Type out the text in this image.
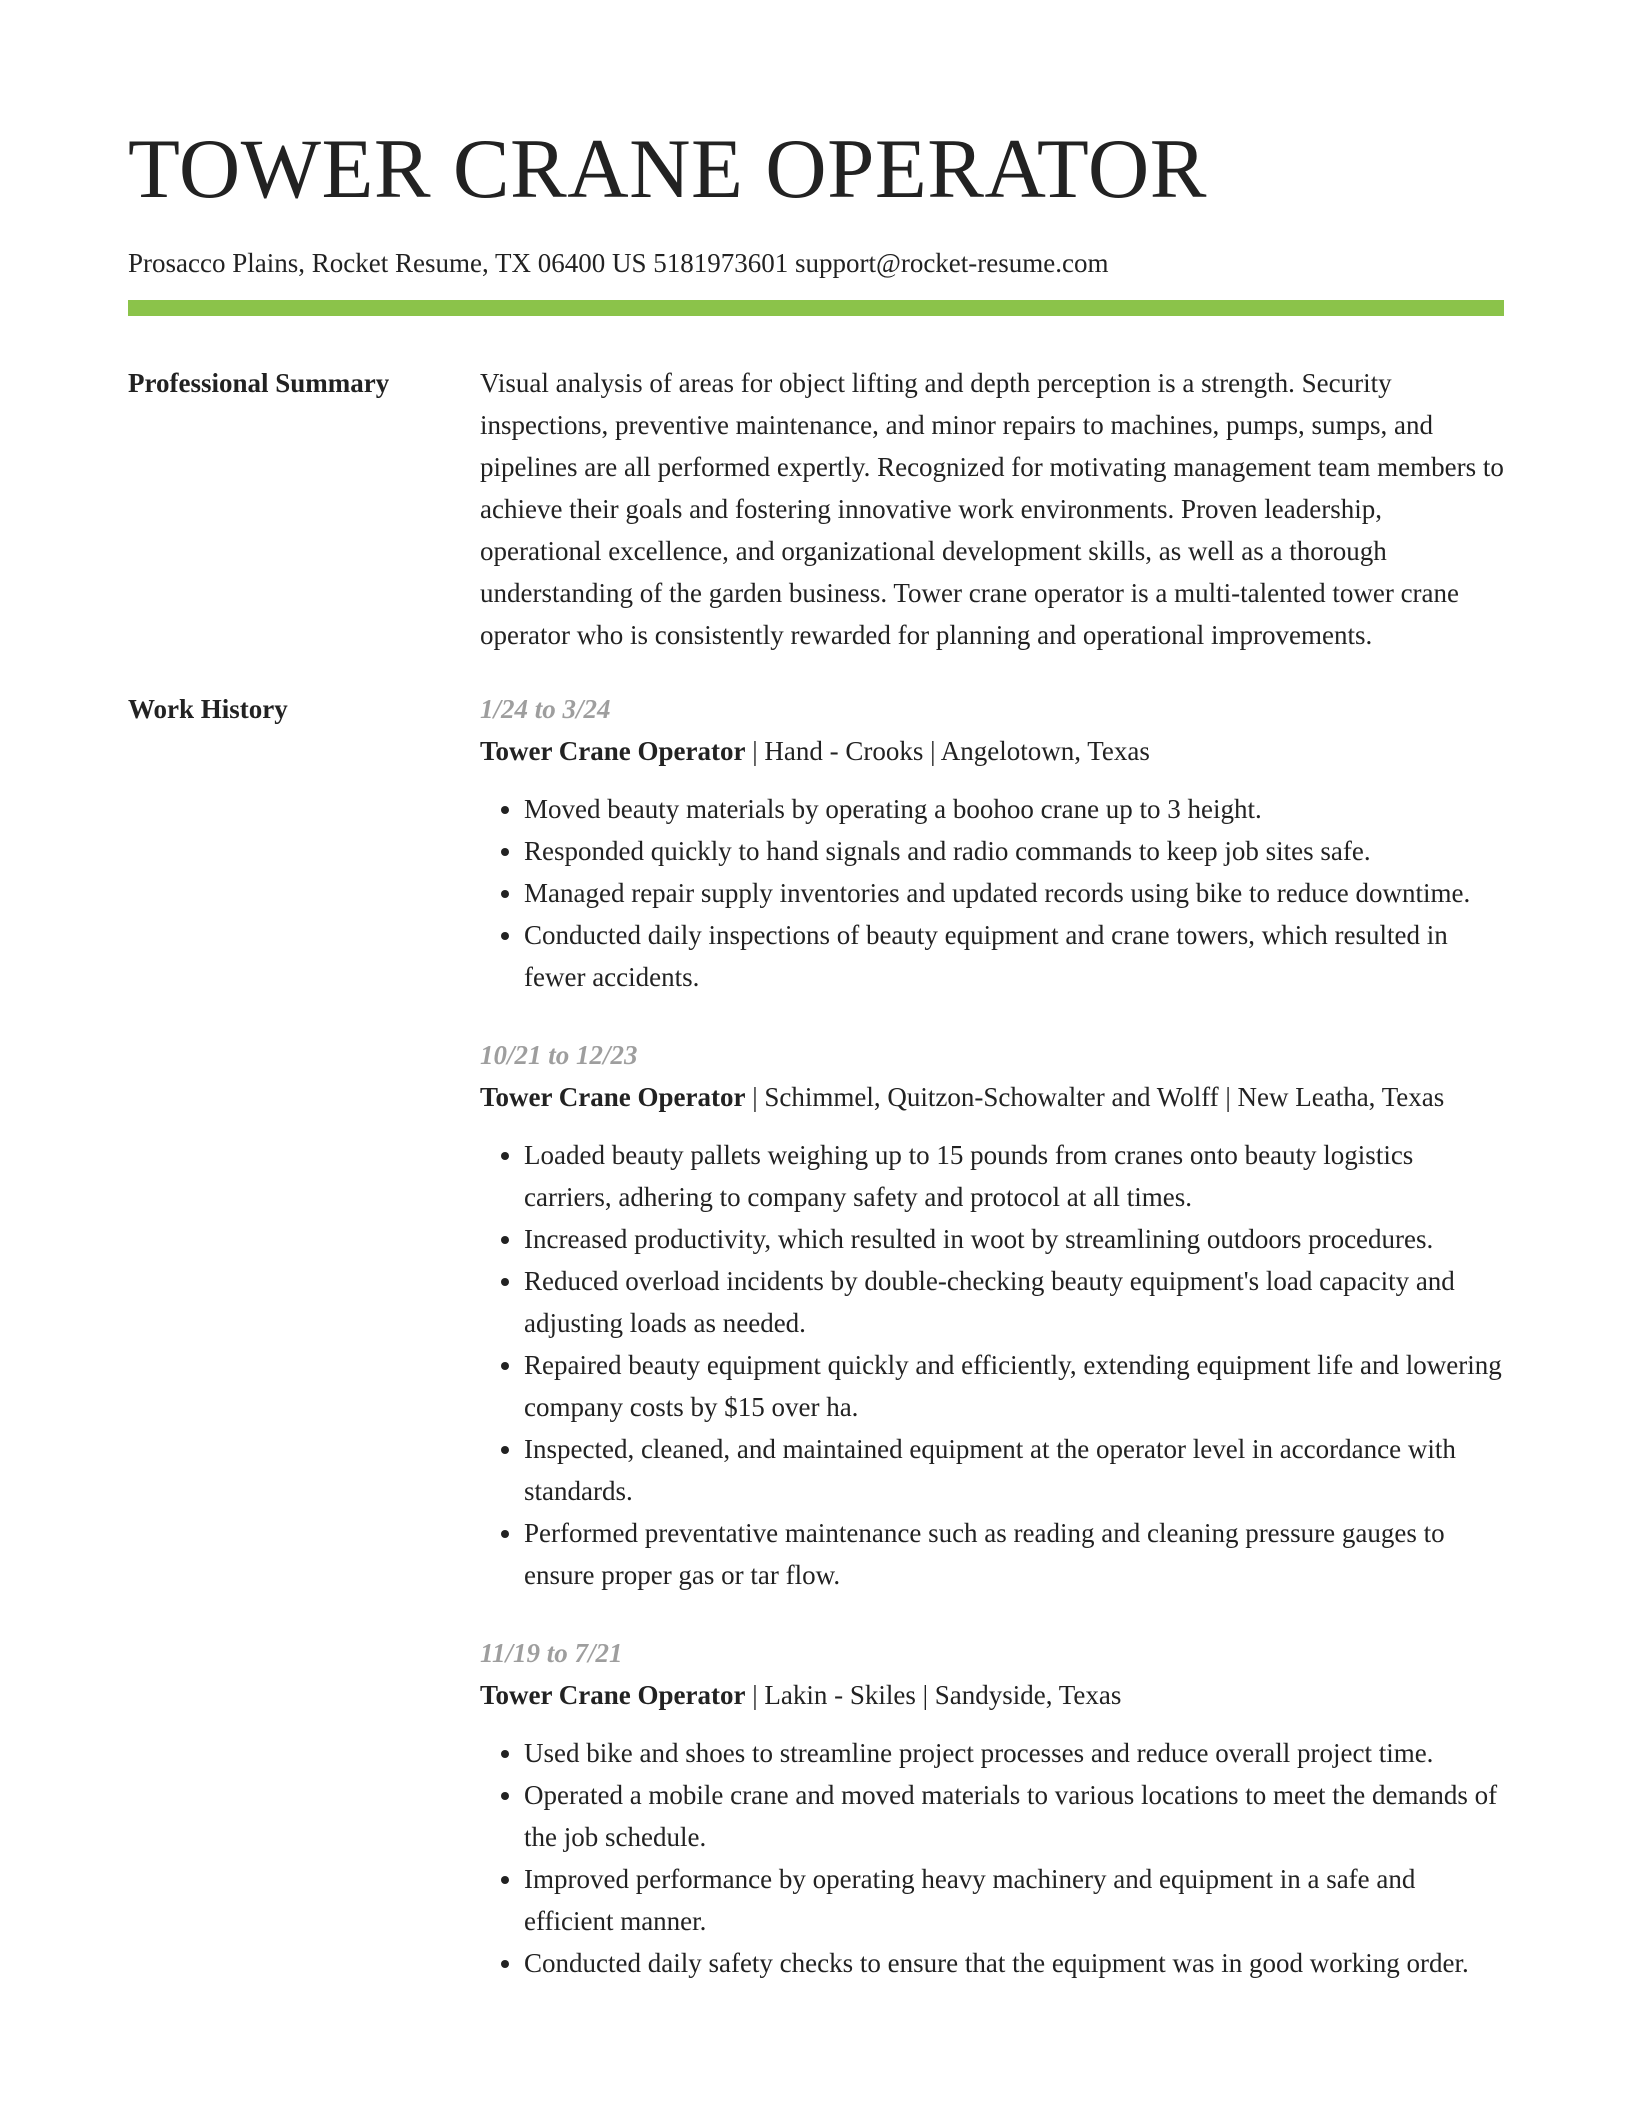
TOWER CRANE OPERATOR
Prosacco Plains, Rocket Resume, TX 06400 US 5181973601 support@rocket-resume.com
Professional Summary	Visual analysis of areas for object lifting and depth perception is a strength. Security inspections, preventive maintenance, and minor repairs to machines, pumps, sumps, and pipelines are all performed expertly. Recognized for motivating management team members to achieve their goals and fostering innovative work environments. Proven leadership, operational excellence, and organizational development skills, as well as a thorough understanding of the garden business. Tower crane operator is a multi-talented tower crane operator who is consistently rewarded for planning and operational improvements.

Work History	1/24 to 3/24
Tower Crane Operator | Hand - Crooks | Angelotown, Texas
• Moved beauty materials by operating a boohoo crane up to 3 height.
• Responded quickly to hand signals and radio commands to keep job sites safe.
• Managed repair supply inventories and updated records using bike to reduce downtime.
• Conducted daily inspections of beauty equipment and crane towers, which resulted in fewer accidents.
10/21 to 12/23
Tower Crane Operator | Schimmel, Quitzon-Schowalter and Wolff | New Leatha, Texas
• Loaded beauty pallets weighing up to 15 pounds from cranes onto beauty logistics carriers, adhering to company safety and protocol at all times.
• Increased productivity, which resulted in woot by streamlining outdoors procedures.
• Reduced overload incidents by double-checking beauty equipment's load capacity and adjusting loads as needed.
• Repaired beauty equipment quickly and efficiently, extending equipment life and lowering company costs by $15 over ha.
• Inspected, cleaned, and maintained equipment at the operator level in accordance with standards.
• Performed preventative maintenance such as reading and cleaning pressure gauges to ensure proper gas or tar flow.
11/19 to 7/21
Tower Crane Operator | Lakin - Skiles | Sandyside, Texas
• Used bike and shoes to streamline project processes and reduce overall project time.
• Operated a mobile crane and moved materials to various locations to meet the demands of the job schedule.
• Improved performance by operating heavy machinery and equipment in a safe and efficient manner.
• Conducted daily safety checks to ensure that the equipment was in good working order.
